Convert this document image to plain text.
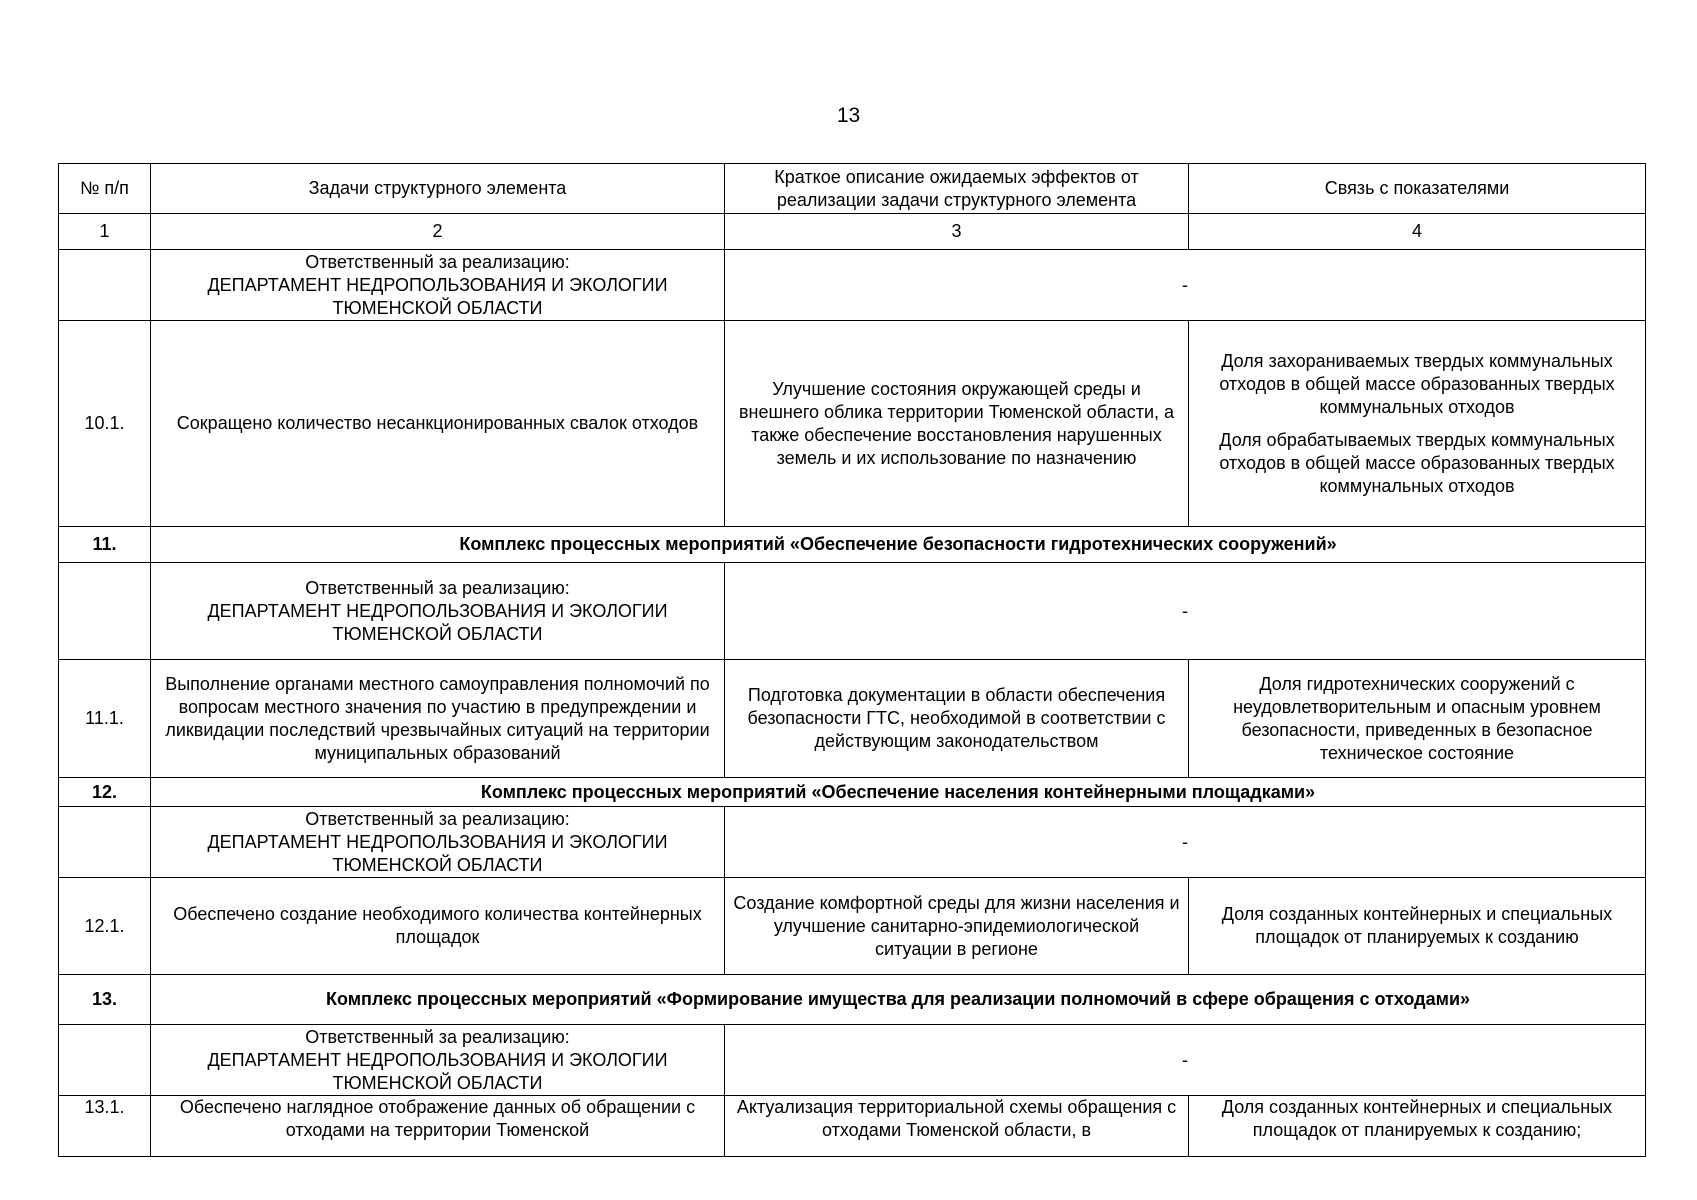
13
№ п/п	Задачи структурного элемента	Краткое описание ожидаемых эффектов от реализации задачи структурного элемента	Связь с показателями
1	2	3	4

	Ответственный за реализацию:
ДЕПАРТАМЕНТ НЕДРОПОЛЬЗОВАНИЯ И ЭКОЛОГИИ
ТЮМЕНСКОЙ ОБЛАСТИ	-	
10.1.	Сокращено количество несанкционированных свалок отходов	Улучшение состояния окружающей среды и внешнего облика территории Тюменской области, а также обеспечение восстановления нарушенных земель и их использование по назначению	Доля захораниваемых твердых коммунальных отходов в общей массе образованных твердых коммунальных отходов
Доля обрабатываемых твердых коммунальных отходов в общей массе образованных твердых коммунальных отходов

11.	Комплекс процессных мероприятий «Обеспечение безопасности гидротехнических сооружений»		

	Ответственный за реализацию:
ДЕПАРТАМЕНТ НЕДРОПОЛЬЗОВАНИЯ И ЭКОЛОГИИ
ТЮМЕНСКОЙ ОБЛАСТИ	-	
11.1.	Выполнение органами местного самоуправления полномочий по вопросам местного значения по участию в предупреждении и ликвидации последствий чрезвычайных ситуаций на территории муниципальных образований	Подготовка документации в области обеспечения безопасности ГТС, необходимой в соответствии с действующим законодательством	Доля гидротехнических сооружений с неудовлетворительным и опасным уровнем безопасности, приведенных в безопасное техническое состояние
12.	Комплекс процессных мероприятий «Обеспечение населения контейнерными площадками»		

	Ответственный за реализацию:
ДЕПАРТАМЕНТ НЕДРОПОЛЬЗОВАНИЯ И ЭКОЛОГИИ
ТЮМЕНСКОЙ ОБЛАСТИ	-	
12.1.	Обеспечено создание необходимого количества контейнерных площадок	Создание комфортной среды для жизни населения и улучшение санитарно-эпидемиологической ситуации в регионе	Доля созданных контейнерных и специальных площадок от планируемых к созданию
13.	Комплекс процессных мероприятий «Формирование имущества для реализации полномочий в сфере обращения с отходами»		

	Ответственный за реализацию:
ДЕПАРТАМЕНТ НЕДРОПОЛЬЗОВАНИЯ И ЭКОЛОГИИ
ТЮМЕНСКОЙ ОБЛАСТИ	-	
13.1.	Обеспечено наглядное отображение данных об обращении с отходами на территории Тюменской	Актуализация территориальной схемы обращения с отходами Тюменской области, в	Доля созданных контейнерных и специальных площадок от планируемых к созданию;
